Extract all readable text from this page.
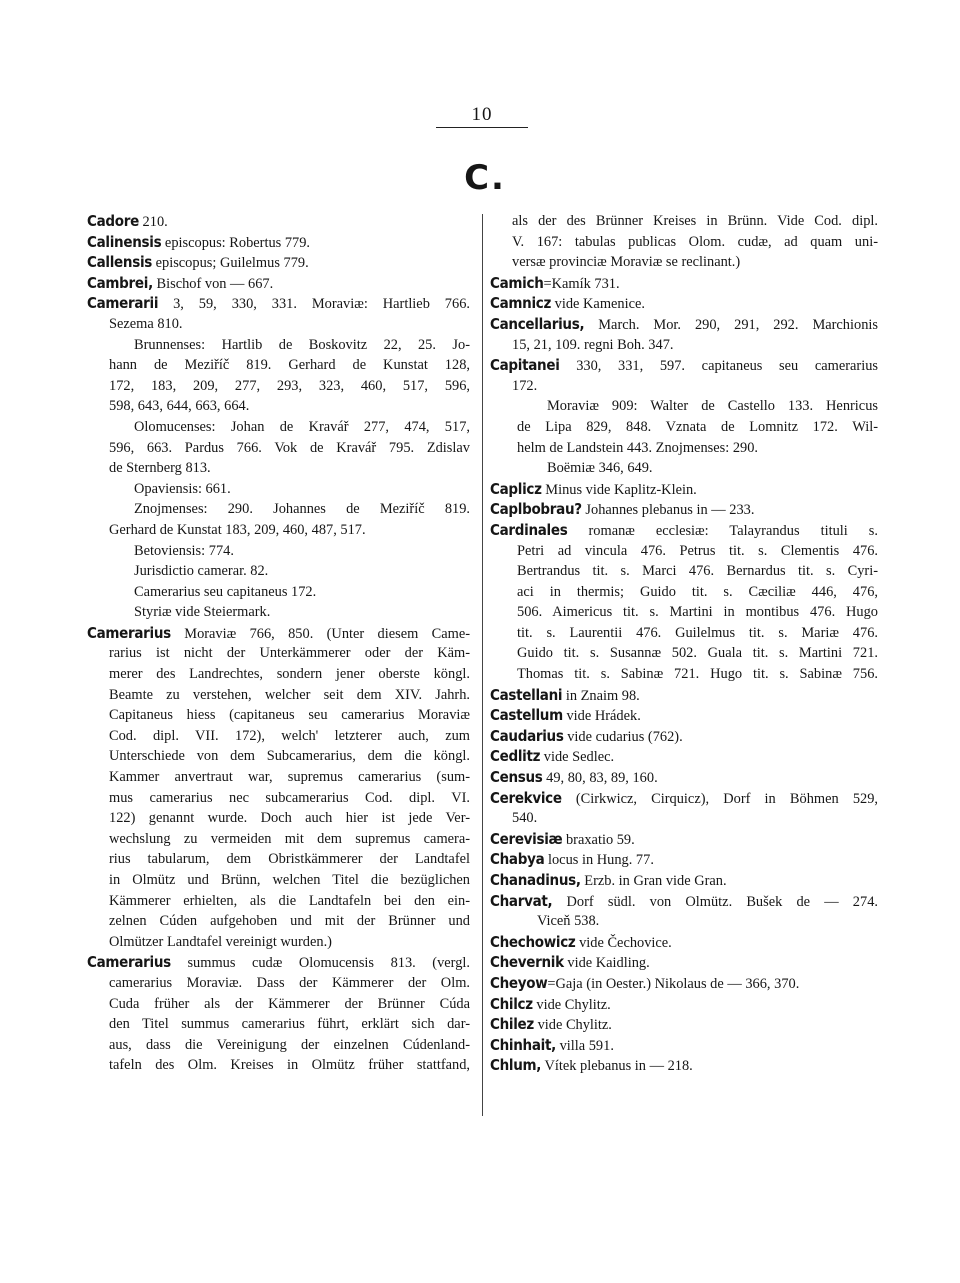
10
C.
Cadore 210.
Calinensis episcopus: Robertus 779.
Callensis episcopus; Guilelmus 779.
Cambrei, Bischof von — 667.
Camerarii 3, 59, 330, 331. Moraviæ: Hartlieb 766.
Sezema 810.
Brunnenses: Hartlib de Boskovitz 22, 25. Jo-
hann de Meziříč 819. Gerhard de Kunstat 128,
172, 183, 209, 277, 293, 323, 460, 517, 596,
598, 643, 644, 663, 664.
Olomucenses: Johan de Kravář 277, 474, 517,
596, 663. Pardus 766. Vok de Kravář 795. Zdislav
de Sternberg 813.
Opaviensis: 661.
Znojmenses: 290. Johannes de Meziříč 819.
Gerhard de Kunstat 183, 209, 460, 487, 517.
Betoviensis: 774.
Jurisdictio camerar. 82.
Camerarius seu capitaneus 172.
Styriæ vide Steiermark.
Camerarius Moraviæ 766, 850. (Unter diesem Came-
rarius ist nicht der Unterkämmerer oder der Käm-
merer des Landrechtes, sondern jener oberste köngl.
Beamte zu verstehen, welcher seit dem XIV. Jahrh.
Capitaneus hiess (capitaneus seu camerarius Moraviæ
Cod. dipl. VII. 172), welch' letzterer auch, zum
Unterschiede von dem Subcamerarius, dem die köngl.
Kammer anvertraut war, supremus camerarius (sum-
mus camerarius nec subcamerarius Cod. dipl. VI.
122) genannt wurde. Doch auch hier ist jede Ver-
wechslung zu vermeiden mit dem supremus camera-
rius tabularum, dem Obristkämmerer der Landtafel
in Olmütz und Brünn, welchen Titel die bezüglichen
Kämmerer erhielten, als die Landtafeln bei den ein-
zelnen Cúden aufgehoben und mit der Brünner und
Olmützer Landtafel vereinigt wurden.)
Camerarius summus cudæ Olomucensis 813. (vergl.
camerarius Moraviæ. Dass der Kämmerer der Olm.
Cuda früher als der Kämmerer der Brünner Cúda
den Titel summus camerarius führt, erklärt sich dar-
aus, dass die Vereinigung der einzelnen Cúdenland-
tafeln des Olm. Kreises in Olmütz früher stattfand,
als der des Brünner Kreises in Brünn. Vide Cod. dipl.
V. 167: tabulas publicas Olom. cudæ, ad quam uni-
versæ provinciæ Moraviæ se reclinant.)
Camich=Kamík 731.
Camnicz vide Kamenice.
Cancellarius, March. Mor. 290, 291, 292. Marchionis
15, 21, 109. regni Boh. 347.
Capitanei 330, 331, 597. capitaneus seu camerarius
172.
Moraviæ 909: Walter de Castello 133. Henricus
de Lipa 829, 848. Vznata de Lomnitz 172. Wil-
helm de Landstein 443. Znojmenses: 290.
Boëmiæ 346, 649.
Caplicz Minus vide Kaplitz-Klein.
Caplbobrau? Johannes plebanus in — 233.
Cardinales romanæ ecclesiæ: Talayrandus tituli s.
Petri ad vincula 476. Petrus tit. s. Clementis 476.
Bertrandus tit. s. Marci 476. Bernardus tit. s. Cyri-
aci in thermis; Guido tit. s. Cæciliæ 446, 476,
506. Aimericus tit. s. Martini in montibus 476. Hugo
tit. s. Laurentii 476. Guilelmus tit. s. Mariæ 476.
Guido tit. s. Susannæ 502. Guala tit. s. Martini 721.
Thomas tit. s. Sabinæ 721. Hugo tit. s. Sabinæ 756.
Castellani in Znaim 98.
Castellum vide Hrádek.
Caudarius vide cudarius (762).
Cedlitz vide Sedlec.
Census 49, 80, 83, 89, 160.
Cerekvice (Cirkwicz, Cirquicz), Dorf in Böhmen 529,
540.
Cerevisiæ braxatio 59.
Chabya locus in Hung. 77.
Chanadinus, Erzb. in Gran vide Gran.
Charvat, Dorf südl. von Olmütz. Bušek de — 274.
Viceň 538.
Chechowicz vide Čechovice.
Chevernik vide Kaidling.
Cheyow=Gaja (in Oester.) Nikolaus de — 366, 370.
Chilcz vide Chylitz.
Chilez vide Chylitz.
Chinhait, villa 591.
Chlum, Vítek plebanus in — 218.
